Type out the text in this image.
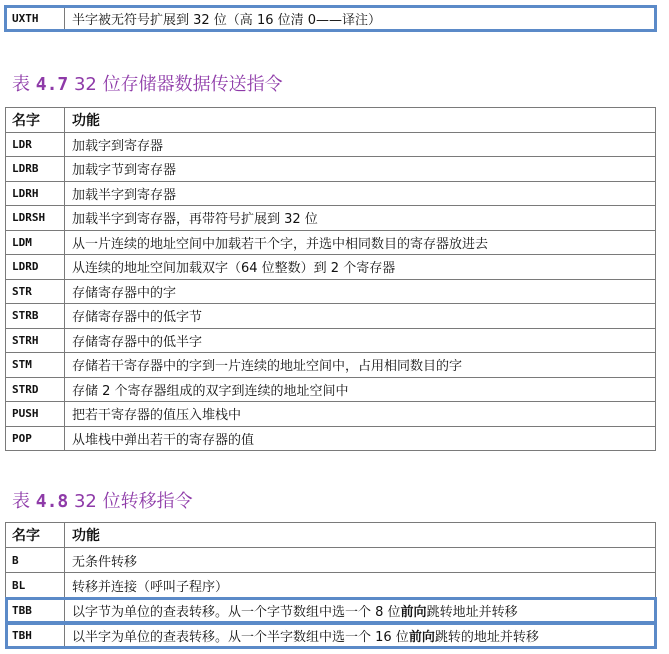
UXTH	半字被无符号扩展到 32 位（高 16 位清 0——译注）
表 4.7 32 位存储器数据传送指令
名字	功能
LDR	加载字到寄存器
LDRB	加载字节到寄存器
LDRH	加载半字到寄存器
LDRSH	加载半字到寄存器，再带符号扩展到 32 位
LDM	从一片连续的地址空间中加载若干个字，并选中相同数目的寄存器放进去
LDRD	从连续的地址空间加载双字（64 位整数）到 2 个寄存器
STR	存储寄存器中的字
STRB	存储寄存器中的低字节
STRH	存储寄存器中的低半字
STM	存储若干寄存器中的字到一片连续的地址空间中，占用相同数目的字
STRD	存储 2 个寄存器组成的双字到连续的地址空间中
PUSH	把若干寄存器的值压入堆栈中
POP	从堆栈中弹出若干的寄存器的值
表 4.8 32 位转移指令
名字	功能
B	无条件转移
BL	转移并连接（呼叫子程序）
TBB	以字节为单位的查表转移。从一个字节数组中选一个 8 位前向跳转地址并转移
TBH	以半字为单位的查表转移。从一个半字数组中选一个 16 位前向跳转的地址并转移
